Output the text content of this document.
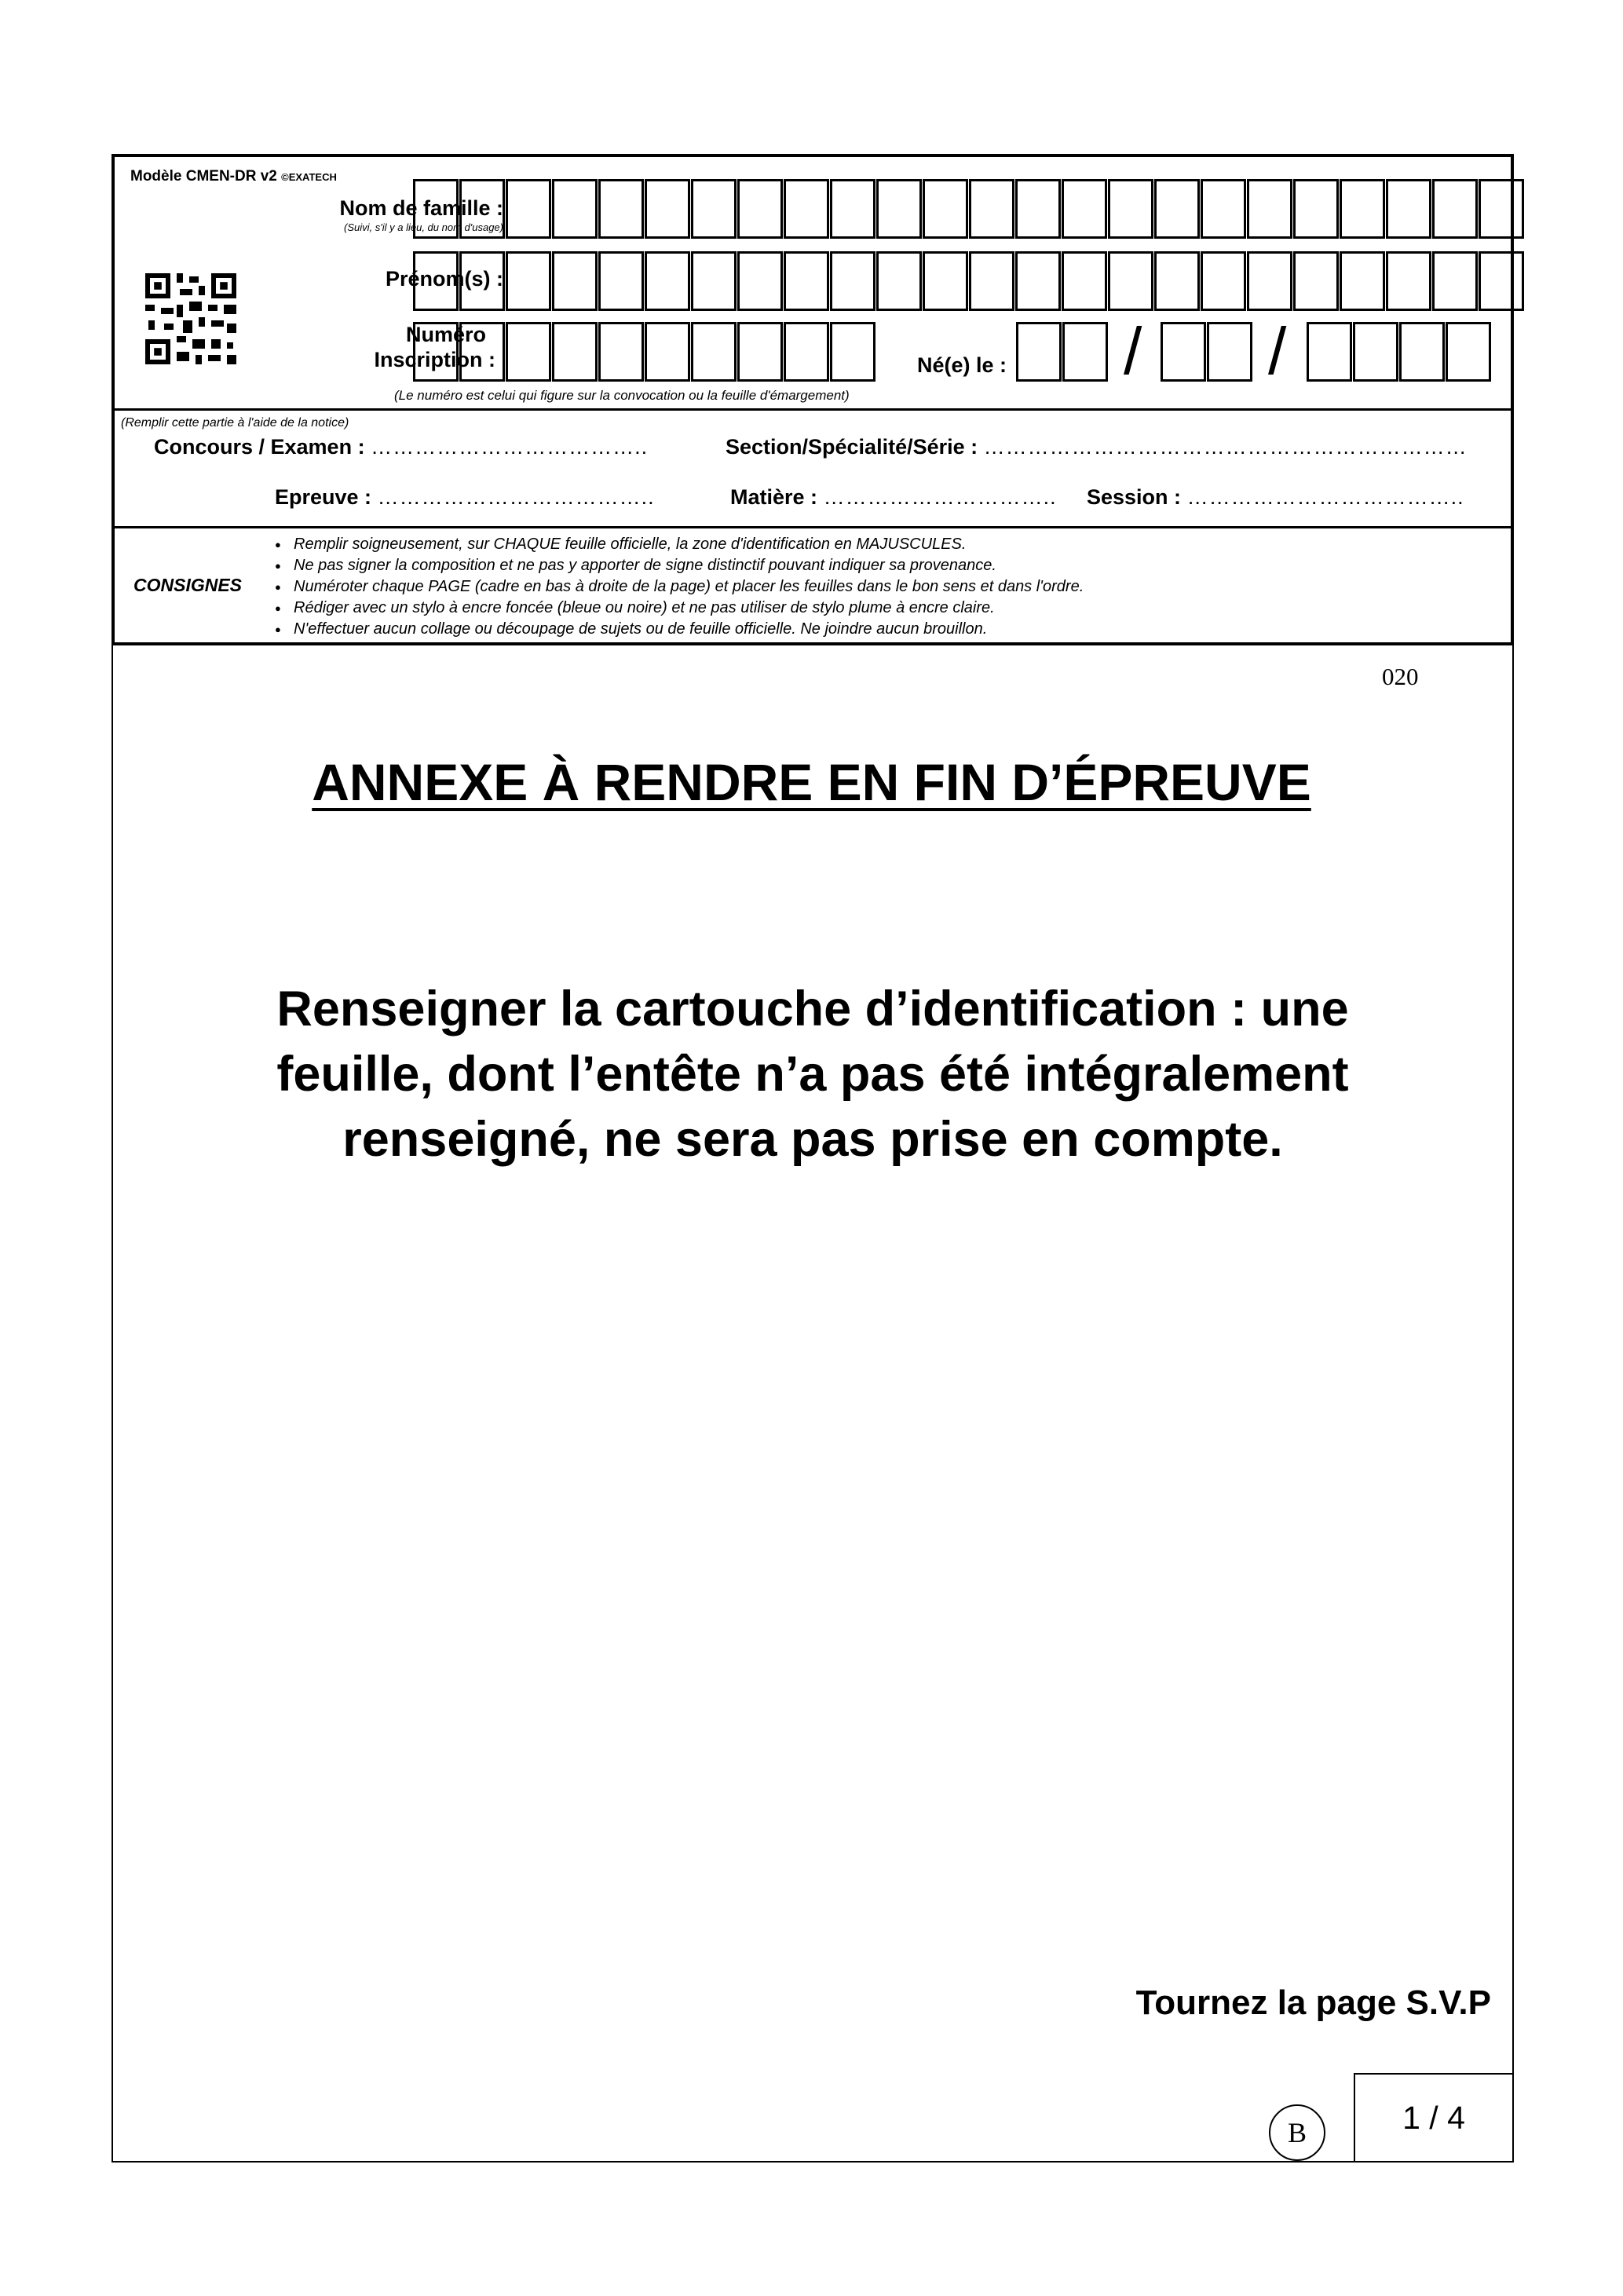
Modèle CMEN-DR v2 ©EXATECH
Nom de famille :
(Suivi, s'il y a lieu, du nom d'usage)
Prénom(s) :
Numéro
Inscription :	Né(e) le : / /
(Le numéro est celui qui figure sur la convocation ou la feuille d'émargement)
(Remplir cette partie à l'aide de la notice)
Concours / Examen : ………………………………..	Section/Spécialité/Série : …………………………………………………………
Epreuve : ………………………………..	Matière : ………………………….. Session : ………………………………..
CONSIGNES
● Remplir soigneusement, sur CHAQUE feuille officielle, la zone d'identification en MAJUSCULES.
● Ne pas signer la composition et ne pas y apporter de signe distinctif pouvant indiquer sa provenance.
● Numéroter chaque PAGE (cadre en bas à droite de la page) et placer les feuilles dans le bon sens et dans l'ordre.
● Rédiger avec un stylo à encre foncée (bleue ou noire) et ne pas utiliser de stylo plume à encre claire.
● N'effectuer aucun collage ou découpage de sujets ou de feuille officielle. Ne joindre aucun brouillon.
020
ANNEXE À RENDRE EN FIN D’ÉPREUVE
Renseigner la cartouche d’identification : une
feuille, dont l’entête n’a pas été intégralement
renseigné, ne sera pas prise en compte.
Tournez la page S.V.P
B	1 / 4
